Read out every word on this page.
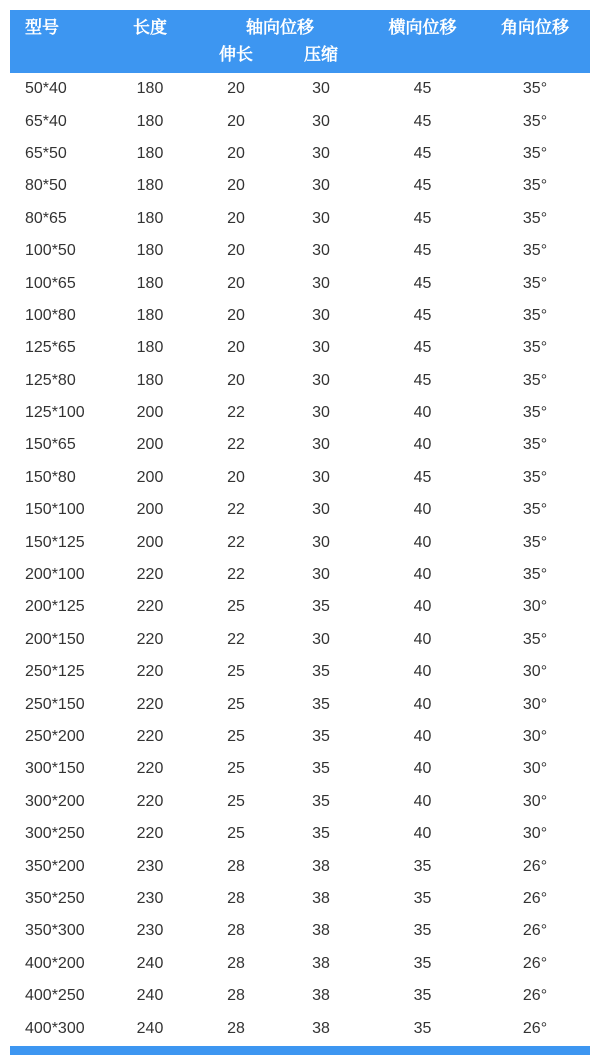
型号	长度	轴向位移		横向位移	角向位移
		伸长	压缩		
50*40	180	20	30	45	35°
65*40	180	20	30	45	35°
65*50	180	20	30	45	35°
80*50	180	20	30	45	35°
80*65	180	20	30	45	35°
100*50	180	20	30	45	35°
100*65	180	20	30	45	35°
100*80	180	20	30	45	35°
125*65	180	20	30	45	35°
125*80	180	20	30	45	35°
125*100	200	22	30	40	35°
150*65	200	22	30	40	35°
150*80	200	20	30	45	35°
150*100	200	22	30	40	35°
150*125	200	22	30	40	35°
200*100	220	22	30	40	35°
200*125	220	25	35	40	30°
200*150	220	22	30	40	35°
250*125	220	25	35	40	30°
250*150	220	25	35	40	30°
250*200	220	25	35	40	30°
300*150	220	25	35	40	30°
300*200	220	25	35	40	30°
300*250	220	25	35	40	30°
350*200	230	28	38	35	26°
350*250	230	28	38	35	26°
350*300	230	28	38	35	26°
400*200	240	28	38	35	26°
400*250	240	28	38	35	26°
400*300	240	28	38	35	26°
